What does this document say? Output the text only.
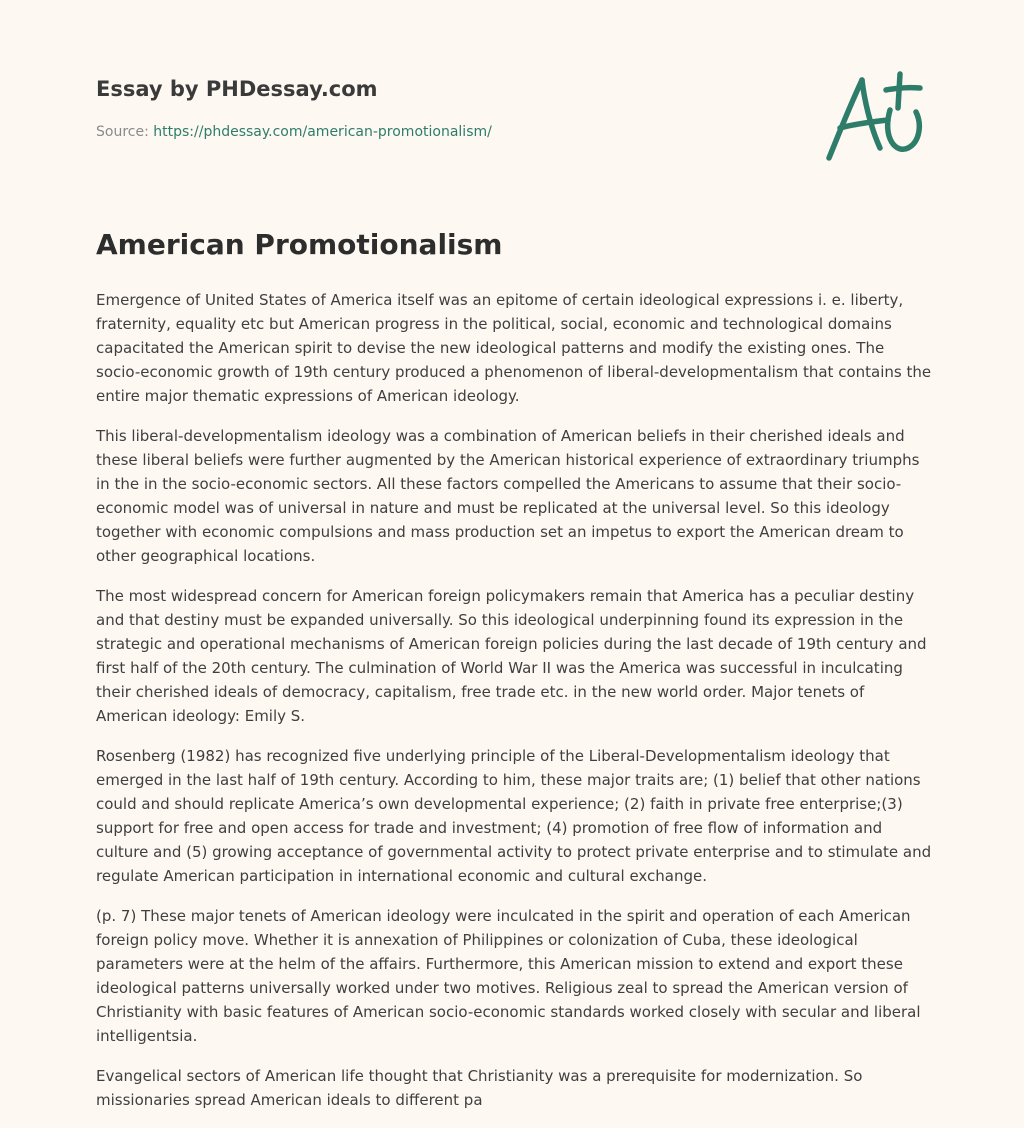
Essay by PHDessay.com
Source: https://phdessay.com/american-promotionalism/
American Promotionalism

Emergence of United States of America itself was an epitome of certain ideological expressions i. e. liberty, fraternity, equality etc but American progress in the political, social, economic and technological domains capacitated the American spirit to devise the new ideological patterns and modify the existing ones. The socio-economic growth of 19th century produced a phenomenon of liberal-developmentalism that contains the entire major thematic expressions of American ideology.

This liberal-developmentalism ideology was a combination of American beliefs in their cherished ideals and these liberal beliefs were further augmented by the American historical experience of extraordinary triumphs in the in the socio-economic sectors. All these factors compelled the Americans to assume that their socio-economic model was of universal in nature and must be replicated at the universal level. So this ideology together with economic compulsions and mass production set an impetus to export the American dream to other geographical locations.

The most widespread concern for American foreign policymakers remain that America has a peculiar destiny and that destiny must be expanded universally. So this ideological underpinning found its expression in the strategic and operational mechanisms of American foreign policies during the last decade of 19th century and first half of the 20th century. The culmination of World War II was the America was successful in inculcating their cherished ideals of democracy, capitalism, free trade etc. in the new world order. Major tenets of American ideology: Emily S.

Rosenberg (1982) has recognized five underlying principle of the Liberal-Developmentalism ideology that emerged in the last half of 19th century. According to him, these major traits are; (1) belief that other nations could and should replicate America’s own developmental experience; (2) faith in private free enterprise;(3) support for free and open access for trade and investment; (4) promotion of free flow of information and culture and (5) growing acceptance of governmental activity to protect private enterprise and to stimulate and regulate American participation in international economic and cultural exchange.

(p. 7) These major tenets of American ideology were inculcated in the spirit and operation of each American foreign policy move. Whether it is annexation of Philippines or colonization of Cuba, these ideological parameters were at the helm of the affairs. Furthermore, this American mission to extend and export these ideological patterns universally worked under two motives. Religious zeal to spread the American version of Christianity with basic features of American socio-economic standards worked closely with secular and liberal intelligentsia.

Evangelical sectors of American life thought that Christianity was a prerequisite for modernization. So missionaries spread American ideals to different pa
